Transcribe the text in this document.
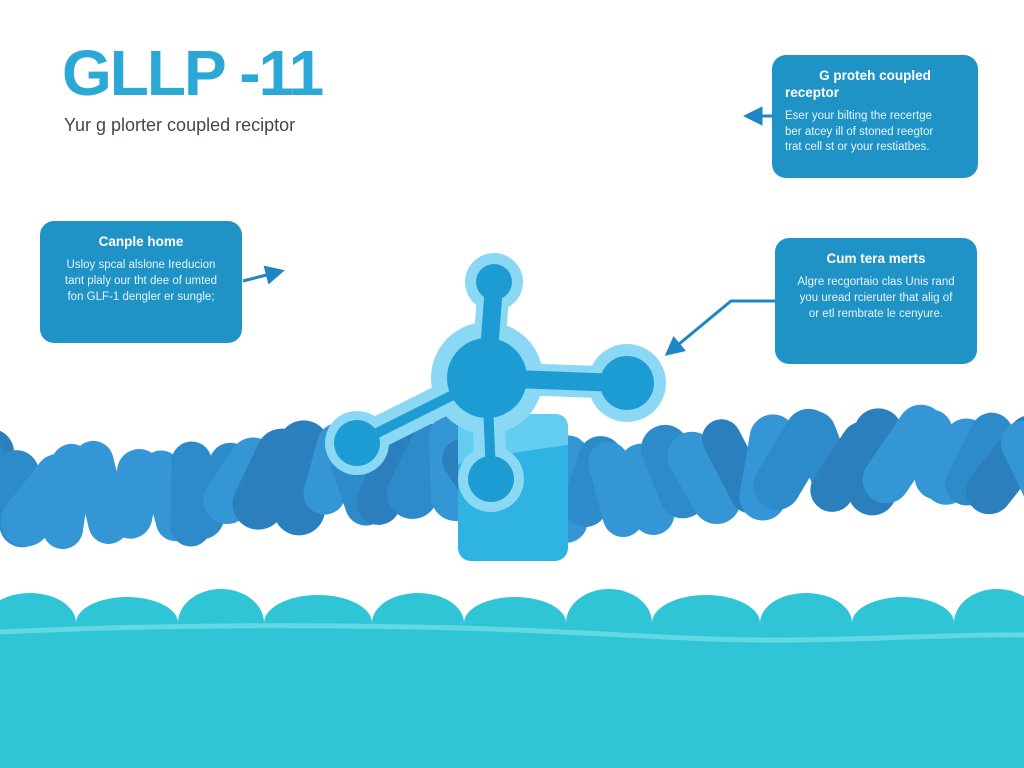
GLLP -11
Yur g plorter coupled reciptor
G proteh coupled
receptor
Eser your bilting the recertge
ber atcey ill of stoned reegtor
trat cell st or your restiatbes.
Canple home
Usloy spcal alslone Ireducion
tant plaly our tht dee of umted
fon GLF-1 dengler er sungle;
Cum tera merts
Algre recgortaio clas Unis rand
you uread rcieruter that alig of
or etl rembrate le cenyure.
